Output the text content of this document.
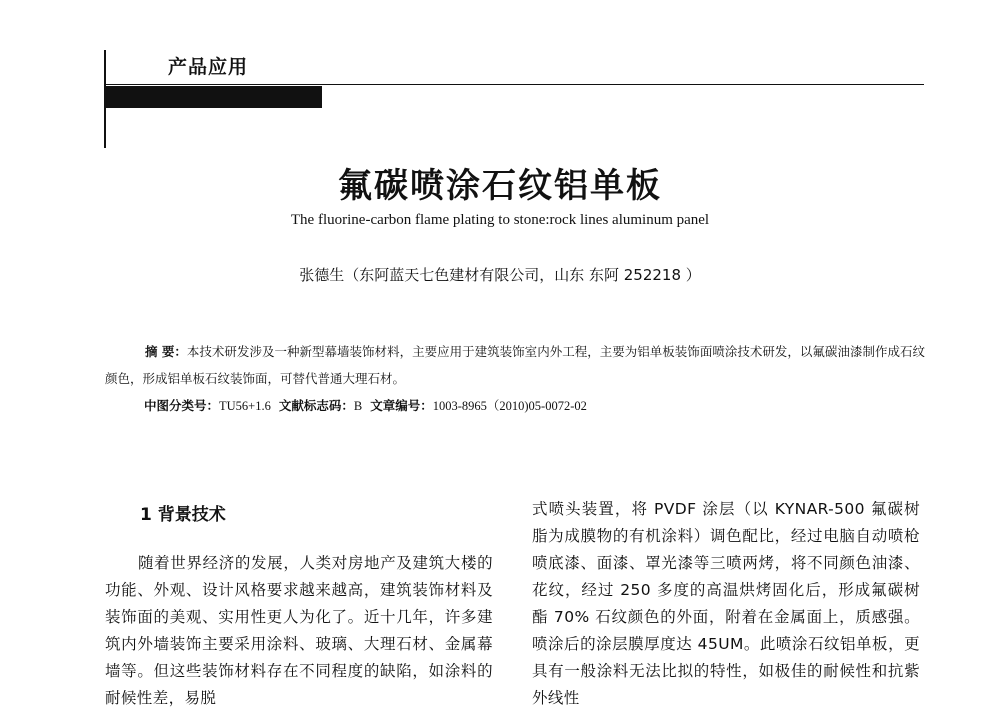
产品应用
氟碳喷涂石纹铝单板
The fluorine-carbon flame plating to stone:rock lines aluminum panel
张德生（东阿蓝天七色建材有限公司，山东 东阿 252218 ）
摘 要：本技术研发涉及一种新型幕墙装饰材料，主要应用于建筑装饰室内外工程，主要为铝单板装饰面喷涂技术研发，以氟碳油漆制作成石纹颜色，形成铝单板石纹装饰面，可替代普通大理石材。
中图分类号：TU56+1.6 文献标志码：B 文章编号：1003-8965（2010)05-0072-02
1 背景技术
随着世界经济的发展，人类对房地产及建筑大楼的功能、外观、设计风格要求越来越高，建筑装饰材料及装饰面的美观、实用性更人为化了。近十几年，许多建筑内外墙装饰主要采用涂料、玻璃、大理石材、金属幕墙等。但这些装饰材料存在不同程度的缺陷，如涂料的耐候性差，易脱
式喷头装置，将 PVDF 涂层（以 KYNAR-500 氟碳树脂为成膜物的有机涂料）调色配比，经过电脑自动喷枪喷底漆、面漆、罩光漆等三喷两烤，将不同颜色油漆、花纹，经过 250 多度的高温烘烤固化后，形成氟碳树酯 70% 石纹颜色的外面，附着在金属面上，质感强。喷涂后的涂层膜厚度达 45UM。此喷涂石纹铝单板，更具有一般涂料无法比拟的特性，如极佳的耐候性和抗紫外线性
